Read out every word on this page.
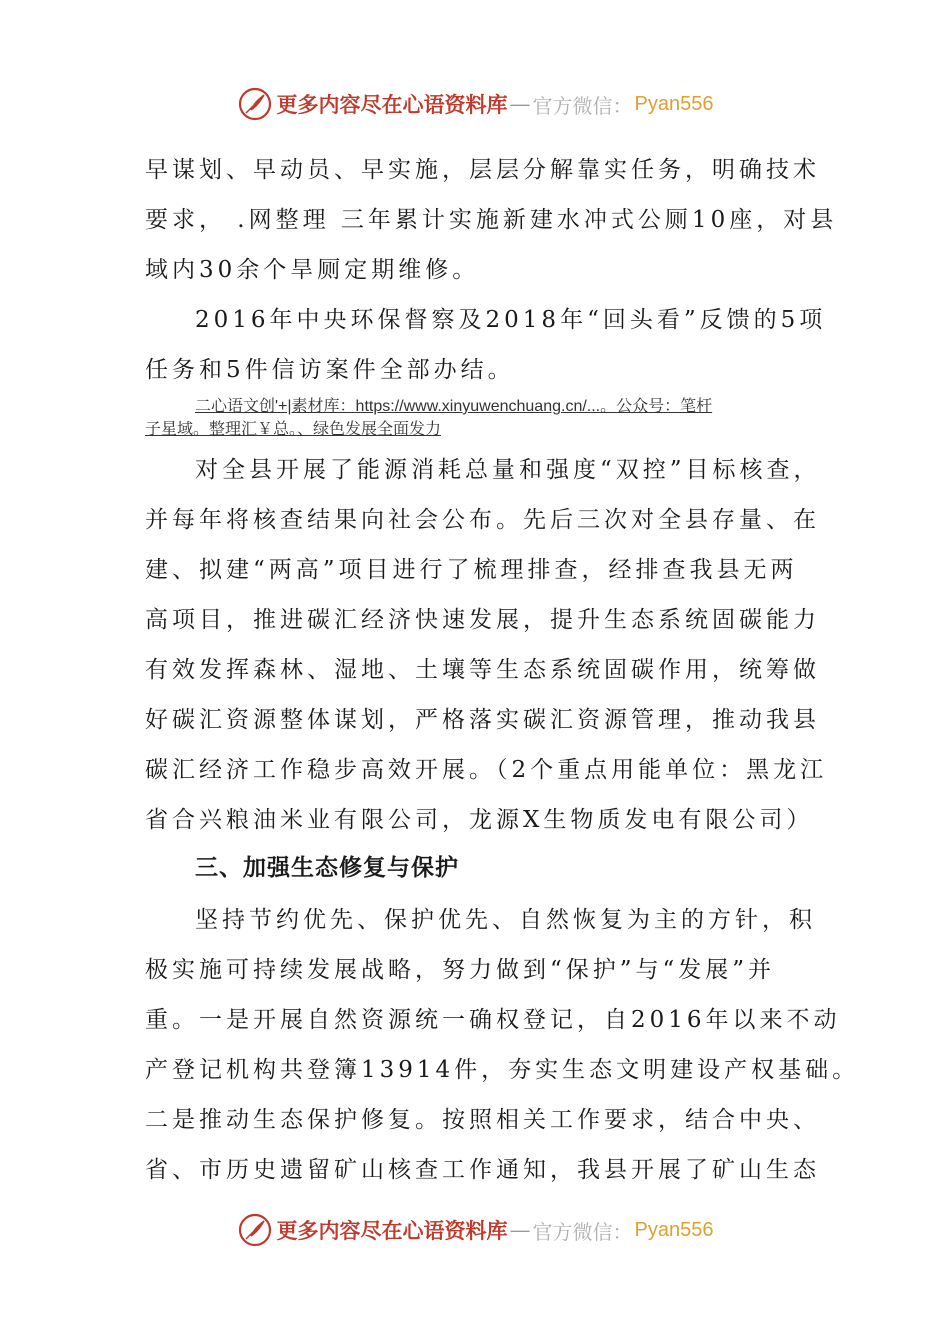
更多内容尽在心语资料库 — 官方微信： Pyan556
早谋划、早动员、早实施，层层分解靠实任务，明确技术
要求， .网整理 三年累计实施新建水冲式公厕10座，对县
域内30余个旱厕定期维修。
2016年中央环保督察及2018年“回头看”反馈的5项
任务和5件信访案件全部办结。
二心语文创'+|素材库：https://www.xinyuwenchuang.cn/...。公众号：笔杆
子星域。整理汇￥总。、绿色发展全面发力
对全县开展了能源消耗总量和强度“双控”目标核查，
并每年将核查结果向社会公布。先后三次对全县存量、在
建、拟建“两高”项目进行了梳理排查，经排查我县无两
高项目，推进碳汇经济快速发展，提升生态系统固碳能力
有效发挥森林、湿地、土壤等生态系统固碳作用，统筹做
好碳汇资源整体谋划，严格落实碳汇资源管理，推动我县
碳汇经济工作稳步高效开展。（2个重点用能单位：黑龙江
省合兴粮油米业有限公司，龙源X生物质发电有限公司）
三、加强生态修复与保护
坚持节约优先、保护优先、自然恢复为主的方针，积
极实施可持续发展战略，努力做到“保护”与“发展”并
重。一是开展自然资源统一确权登记，自2016年以来不动
产登记机构共登簿13914件，夯实生态文明建设产权基础。
二是推动生态保护修复。按照相关工作要求，结合中央、
省、市历史遗留矿山核查工作通知，我县开展了矿山生态
更多内容尽在心语资料库 — 官方微信： Pyan556
